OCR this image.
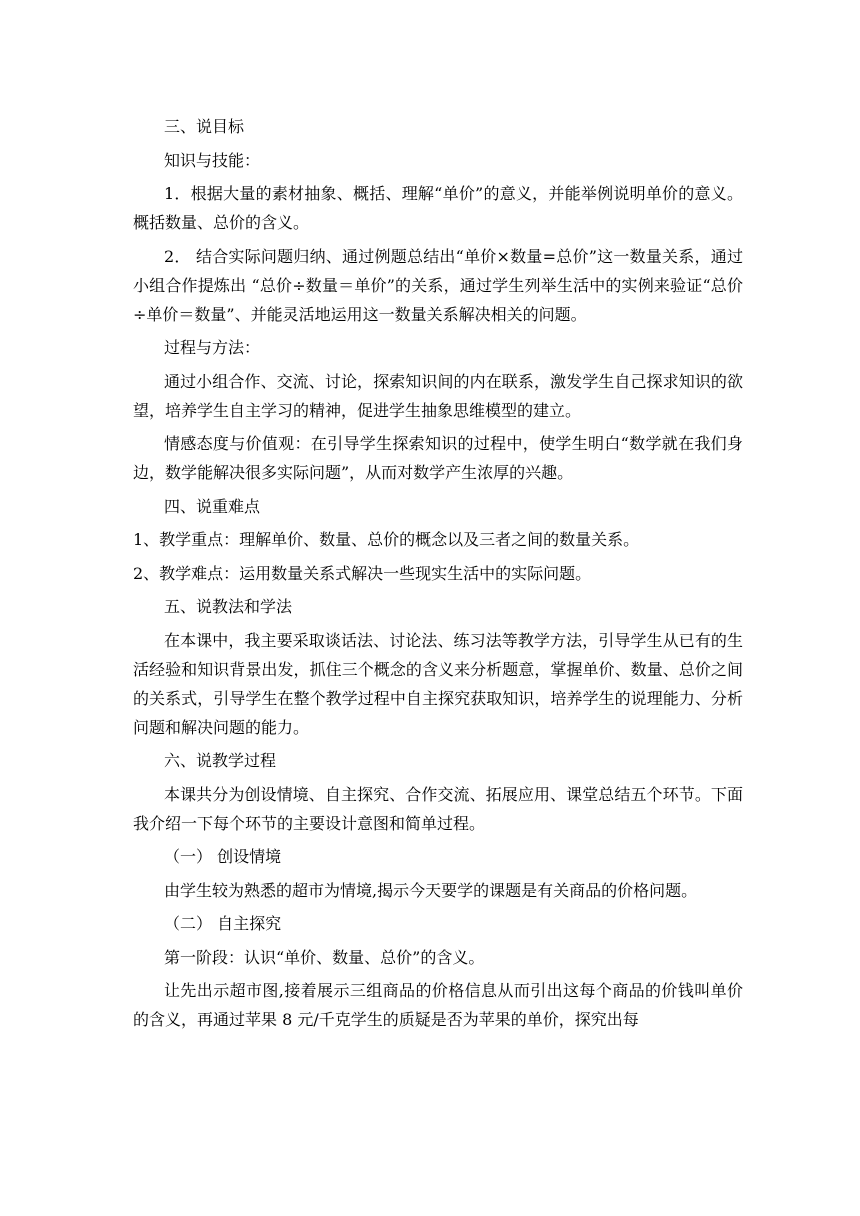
三、说目标

知识与技能：

1．根据大量的素材抽象、概括、理解“单价”的意义，并能举例说明单价的意义。概括数量、总价的含义。

2． 结合实际问题归纳、通过例题总结出“单价×数量=总价”这一数量关系，通过小组合作提炼出 “总价÷数量＝单价”的关系，通过学生列举生活中的实例来验证“总价÷单价＝数量”、并能灵活地运用这一数量关系解决相关的问题。

过程与方法：

通过小组合作、交流、讨论，探索知识间的内在联系，激发学生自己探求知识的欲望，培养学生自主学习的精神，促进学生抽象思维模型的建立。

情感态度与价值观：在引导学生探索知识的过程中，使学生明白“数学就在我们身边，数学能解决很多实际问题”，从而对数学产生浓厚的兴趣。

四、说重难点

1、教学重点：理解单价、数量、总价的概念以及三者之间的数量关系。

2、教学难点：运用数量关系式解决一些现实生活中的实际问题。

五、说教法和学法

在本课中，我主要采取谈话法、讨论法、练习法等教学方法，引导学生从已有的生活经验和知识背景出发，抓住三个概念的含义来分析题意，掌握单价、数量、总价之间的关系式，引导学生在整个教学过程中自主探究获取知识，培养学生的说理能力、分析问题和解决问题的能力。

六、说教学过程

本课共分为创设情境、自主探究、合作交流、拓展应用、课堂总结五个环节。下面我介绍一下每个环节的主要设计意图和简单过程。

（一） 创设情境

由学生较为熟悉的超市为情境,揭示今天要学的课题是有关商品的价格问题。

（二） 自主探究

第一阶段：认识“单价、数量、总价”的含义。

让先出示超市图,接着展示三组商品的价格信息从而引出这每个商品的价钱叫单价的含义，再通过苹果 8 元/千克学生的质疑是否为苹果的单价，探究出每
